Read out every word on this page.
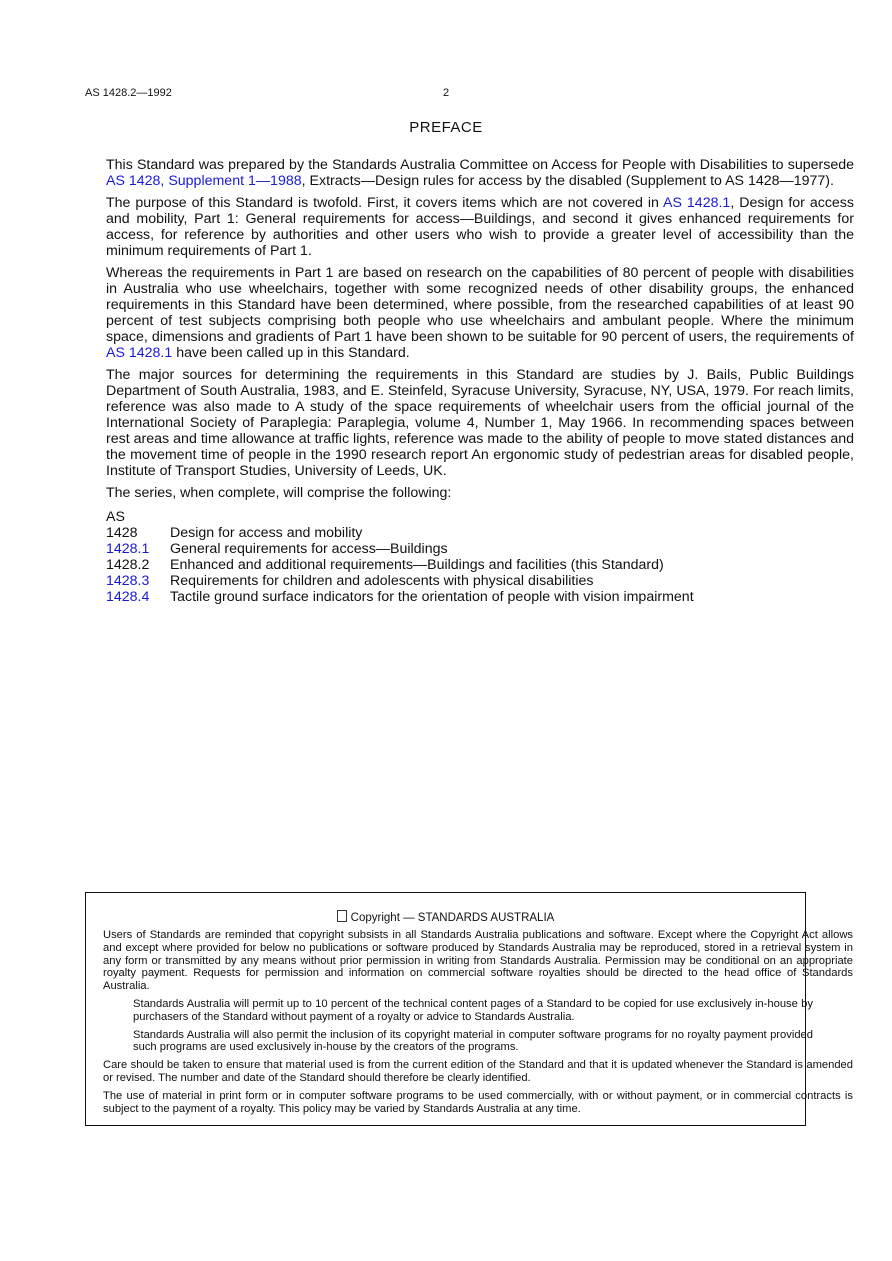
AS 1428.2—1992	2
PREFACE

This Standard was prepared by the Standards Australia Committee on Access for People with Disabilities to supersede AS 1428, Supplement 1—1988, Extracts—Design rules for access by the disabled (Supplement to AS 1428—1977).

The purpose of this Standard is twofold. First, it covers items which are not covered in AS 1428.1, Design for access and mobility, Part 1: General requirements for access—Buildings, and second it gives enhanced requirements for access, for reference by authorities and other users who wish to provide a greater level of accessibility than the minimum requirements of Part 1.

Whereas the requirements in Part 1 are based on research on the capabilities of 80 percent of people with disabilities in Australia who use wheelchairs, together with some recognized needs of other disability groups, the enhanced requirements in this Standard have been determined, where possible, from the researched capabilities of at least 90 percent of test subjects comprising both people who use wheelchairs and ambulant people. Where the minimum space, dimensions and gradients of Part 1 have been shown to be suitable for 90 percent of users, the requirements of AS 1428.1 have been called up in this Standard.

The major sources for determining the requirements in this Standard are studies by J. Bails, Public Buildings Department of South Australia, 1983, and E. Steinfeld, Syracuse University, Syracuse, NY, USA, 1979. For reach limits, reference was also made to A study of the space requirements of wheelchair users from the official journal of the International Society of Paraplegia: Paraplegia, volume 4, Number 1, May 1966. In recommending spaces between rest areas and time allowance at traffic lights, reference was made to the ability of people to move stated distances and the movement time of people in the 1990 research report An ergonomic study of pedestrian areas for disabled people, Institute of Transport Studies, University of Leeds, UK.

The series, when complete, will comprise the following:

AS
1428	Design for access and mobility
1428.1	General requirements for access—Buildings
1428.2	Enhanced and additional requirements—Buildings and facilities (this Standard)
1428.3	Requirements for children and adolescents with physical disabilities
1428.4	Tactile ground surface indicators for the orientation of people with vision impairment
Copyright — STANDARDS AUSTRALIA

Users of Standards are reminded that copyright subsists in all Standards Australia publications and software. Except where the Copyright Act allows and except where provided for below no publications or software produced by Standards Australia may be reproduced, stored in a retrieval system in any form or transmitted by any means without prior permission in writing from Standards Australia. Permission may be conditional on an appropriate royalty payment. Requests for permission and information on commercial software royalties should be directed to the head office of Standards Australia.

Standards Australia will permit up to 10 percent of the technical content pages of a Standard to be copied for use exclusively in-house by purchasers of the Standard without payment of a royalty or advice to Standards Australia.

Standards Australia will also permit the inclusion of its copyright material in computer software programs for no royalty payment provided such programs are used exclusively in-house by the creators of the programs.

Care should be taken to ensure that material used is from the current edition of the Standard and that it is updated whenever the Standard is amended or revised. The number and date of the Standard should therefore be clearly identified.

The use of material in print form or in computer software programs to be used commercially, with or without payment, or in commercial contracts is subject to the payment of a royalty. This policy may be varied by Standards Australia at any time.
